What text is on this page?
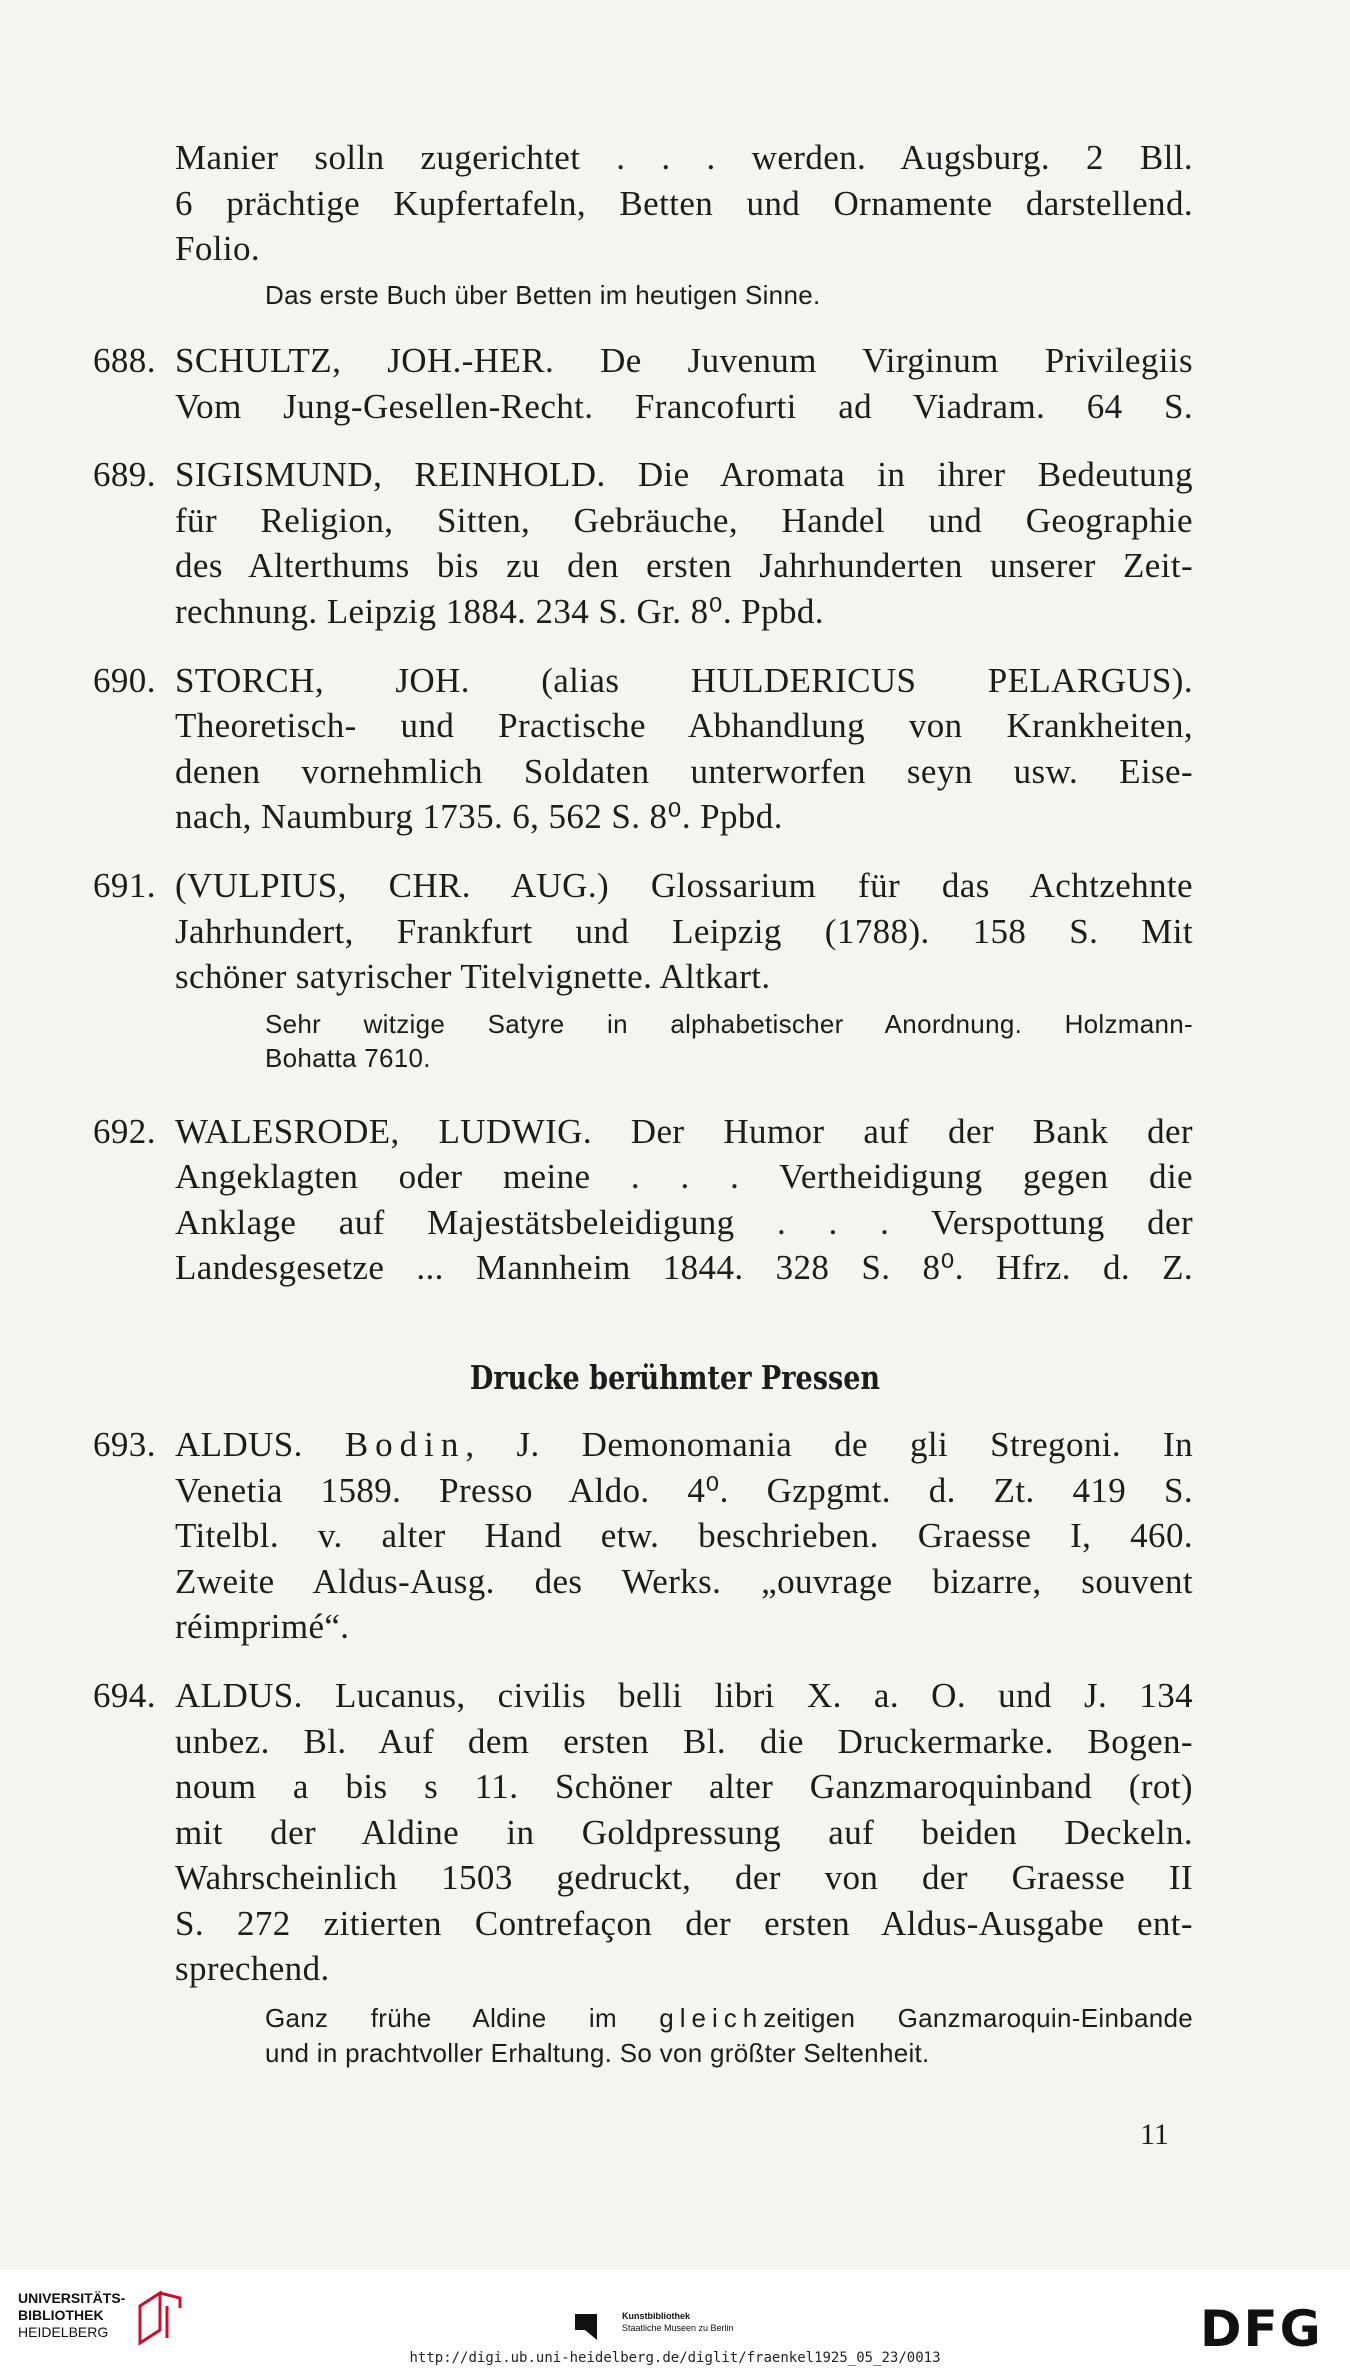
Manier solln zugerichtet . . . werden. Augsburg. 2 Bll.
6 prächtige Kupfertafeln, Betten und Ornamente darstellend.
Folio.
Das erste Buch über Betten im heutigen Sinne.
688. SCHULTZ, JOH.-HER. De Juvenum Virginum Privilegiis
Vom Jung-Gesellen-Recht. Francofurti ad Viadram. 64 S.
689. SIGISMUND, REINHOLD. Die Aromata in ihrer Bedeutung
für Religion, Sitten, Gebräuche, Handel und Geographie
des Alterthums bis zu den ersten Jahrhunderten unserer Zeit-
rechnung. Leipzig 1884. 234 S. Gr. 8⁰. Ppbd.
690. STORCH, JOH. (alias HULDERICUS PELARGUS).
Theoretisch- und Practische Abhandlung von Krankheiten,
denen vornehmlich Soldaten unterworfen seyn usw. Eise-
nach, Naumburg 1735. 6, 562 S. 8⁰. Ppbd.
691. (VULPIUS, CHR. AUG.) Glossarium für das Achtzehnte
Jahrhundert, Frankfurt und Leipzig (1788). 158 S. Mit
schöner satyrischer Titelvignette. Altkart.
Sehr witzige Satyre in alphabetischer Anordnung. Holzmann-
Bohatta 7610.
692. WALESRODE, LUDWIG. Der Humor auf der Bank der
Angeklagten oder meine . . . Vertheidigung gegen die
Anklage auf Majestätsbeleidigung . . . Verspottung der
Landesgesetze ... Mannheim 1844. 328 S. 8⁰. Hfrz. d. Z.
Drucke berühmter Pressen
693. ALDUS. Bodin, J. Demonomania de gli Stregoni. In
Venetia 1589. Presso Aldo. 4⁰. Gzpgmt. d. Zt. 419 S.
Titelbl. v. alter Hand etw. beschrieben. Graesse I, 460.
Zweite Aldus-Ausg. des Werks. „ouvrage bizarre, souvent
réimprimé“.
694. ALDUS. Lucanus, civilis belli libri X. a. O. und J. 134
unbez. Bl. Auf dem ersten Bl. die Druckermarke. Bogen-
noum a bis s 11. Schöner alter Ganzmaroquinband (rot)
mit der Aldine in Goldpressung auf beiden Deckeln.
Wahrscheinlich 1503 gedruckt, der von der Graesse II
S. 272 zitierten Contrefaçon der ersten Aldus-Ausgabe ent-
sprechend.
Ganz frühe Aldine im gleichzeitigen Ganzmaroquin-Einbande
und in prachtvoller Erhaltung. So von größter Seltenheit.
11
UNIVERSITÄTS-
BIBLIOTHEK
HEIDELBERG
Kunstbibliothek
Staatliche Museen zu Berlin	DFG
http://digi.ub.uni-heidelberg.de/diglit/fraenkel1925_05_23/0013
